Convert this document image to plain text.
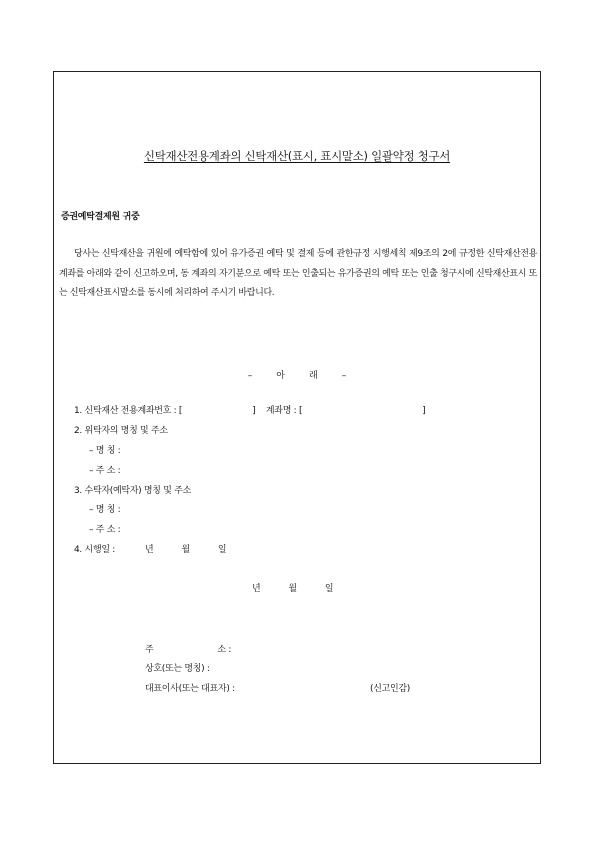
신탁재산전용계좌의 신탁재산(표시, 표시말소) 일괄약정 청구서
증권예탁결제원 귀중
당사는 신탁재산을 귀원에 예탁함에 있어 유가증권 예탁 및 결제 등에 관한규정 시행세칙 제9조의 2에 규정한 신탁재산전용계좌를 아래와 같이 신고하오며, 동 계좌의 자기분으로 예탁 또는 인출되는 유가증권의 예탁 또는 인출 청구시에 신탁재산표시 또는 신탁재산표시말소를 동시에 처리하여 주시기 바랍니다.
–	아	래	–
1. 신탁재산 전용계좌번호 : [	] 계좌명 : [	]
2. 위탁자의 명칭 및 주소
– 명 칭 :
– 주 소 :
3. 수탁자(예탁자) 명칭 및 주소
– 명 칭 :
– 주 소 :
4. 시행일 :	년	월	일
년	월	일
주	소 :
상호(또는 명칭) :
대표이사(또는 대표자) :	(신고인감)
